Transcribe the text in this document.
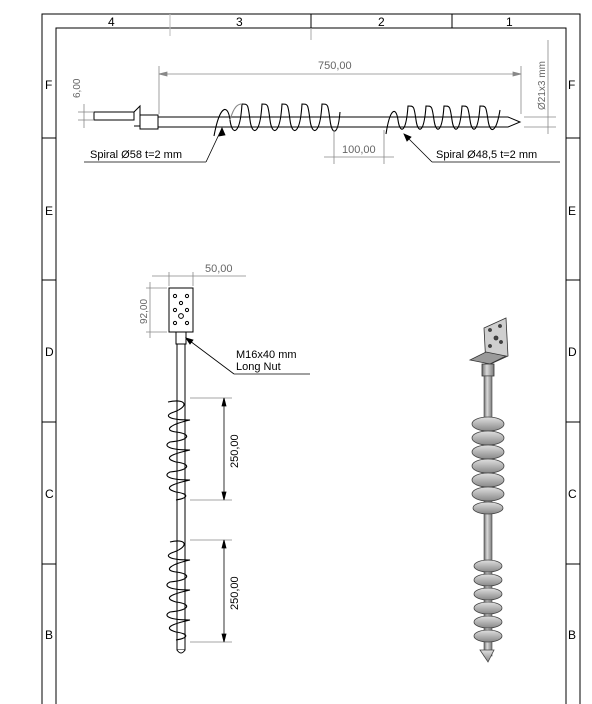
4	3	2	1
F
E
D
C
B
F
E
D
C
B
750,00
6,00	Ø21x3 mm
100,00
Spiral Ø58 t=2 mm	Spiral Ø48,5 t=2 mm
50,00
92,00
M16x40 mm
Long Nut
250,00
250,00
